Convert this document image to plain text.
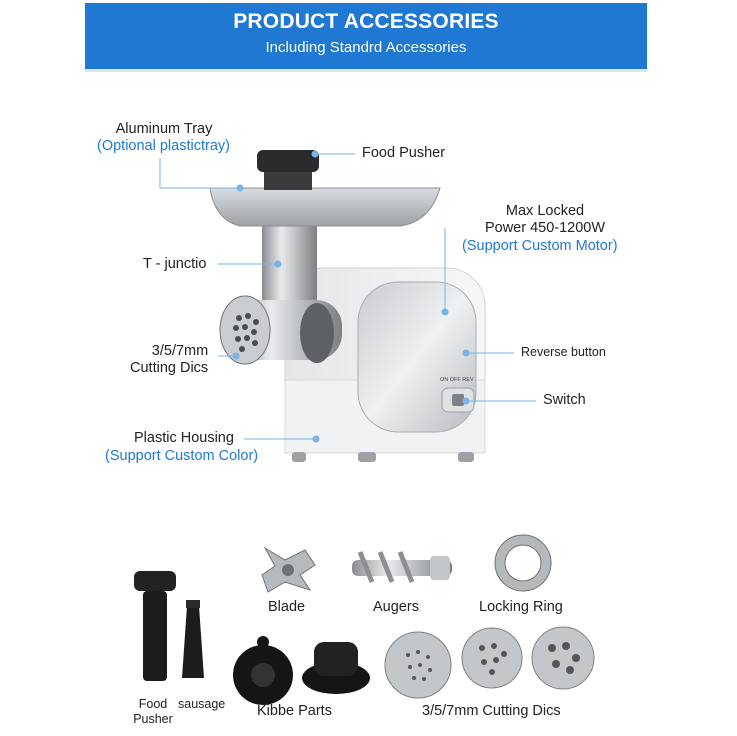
PRODUCT ACCESSORIES
Including Standrd Accessories
ON OFF REV
Aluminum Tray
(Optional plastictray)	Food Pusher
Max Locked
Power 450-1200W
(Support Custom Motor)
T - junctio
3/5/7mm
Cutting Dics
Reverse button
Switch
Plastic Housing
(Support Custom Color)
Blade	Augers	Locking Ring
Food
Pusher
sausage Kibbe Parts	3/5/7mm Cutting Dics
